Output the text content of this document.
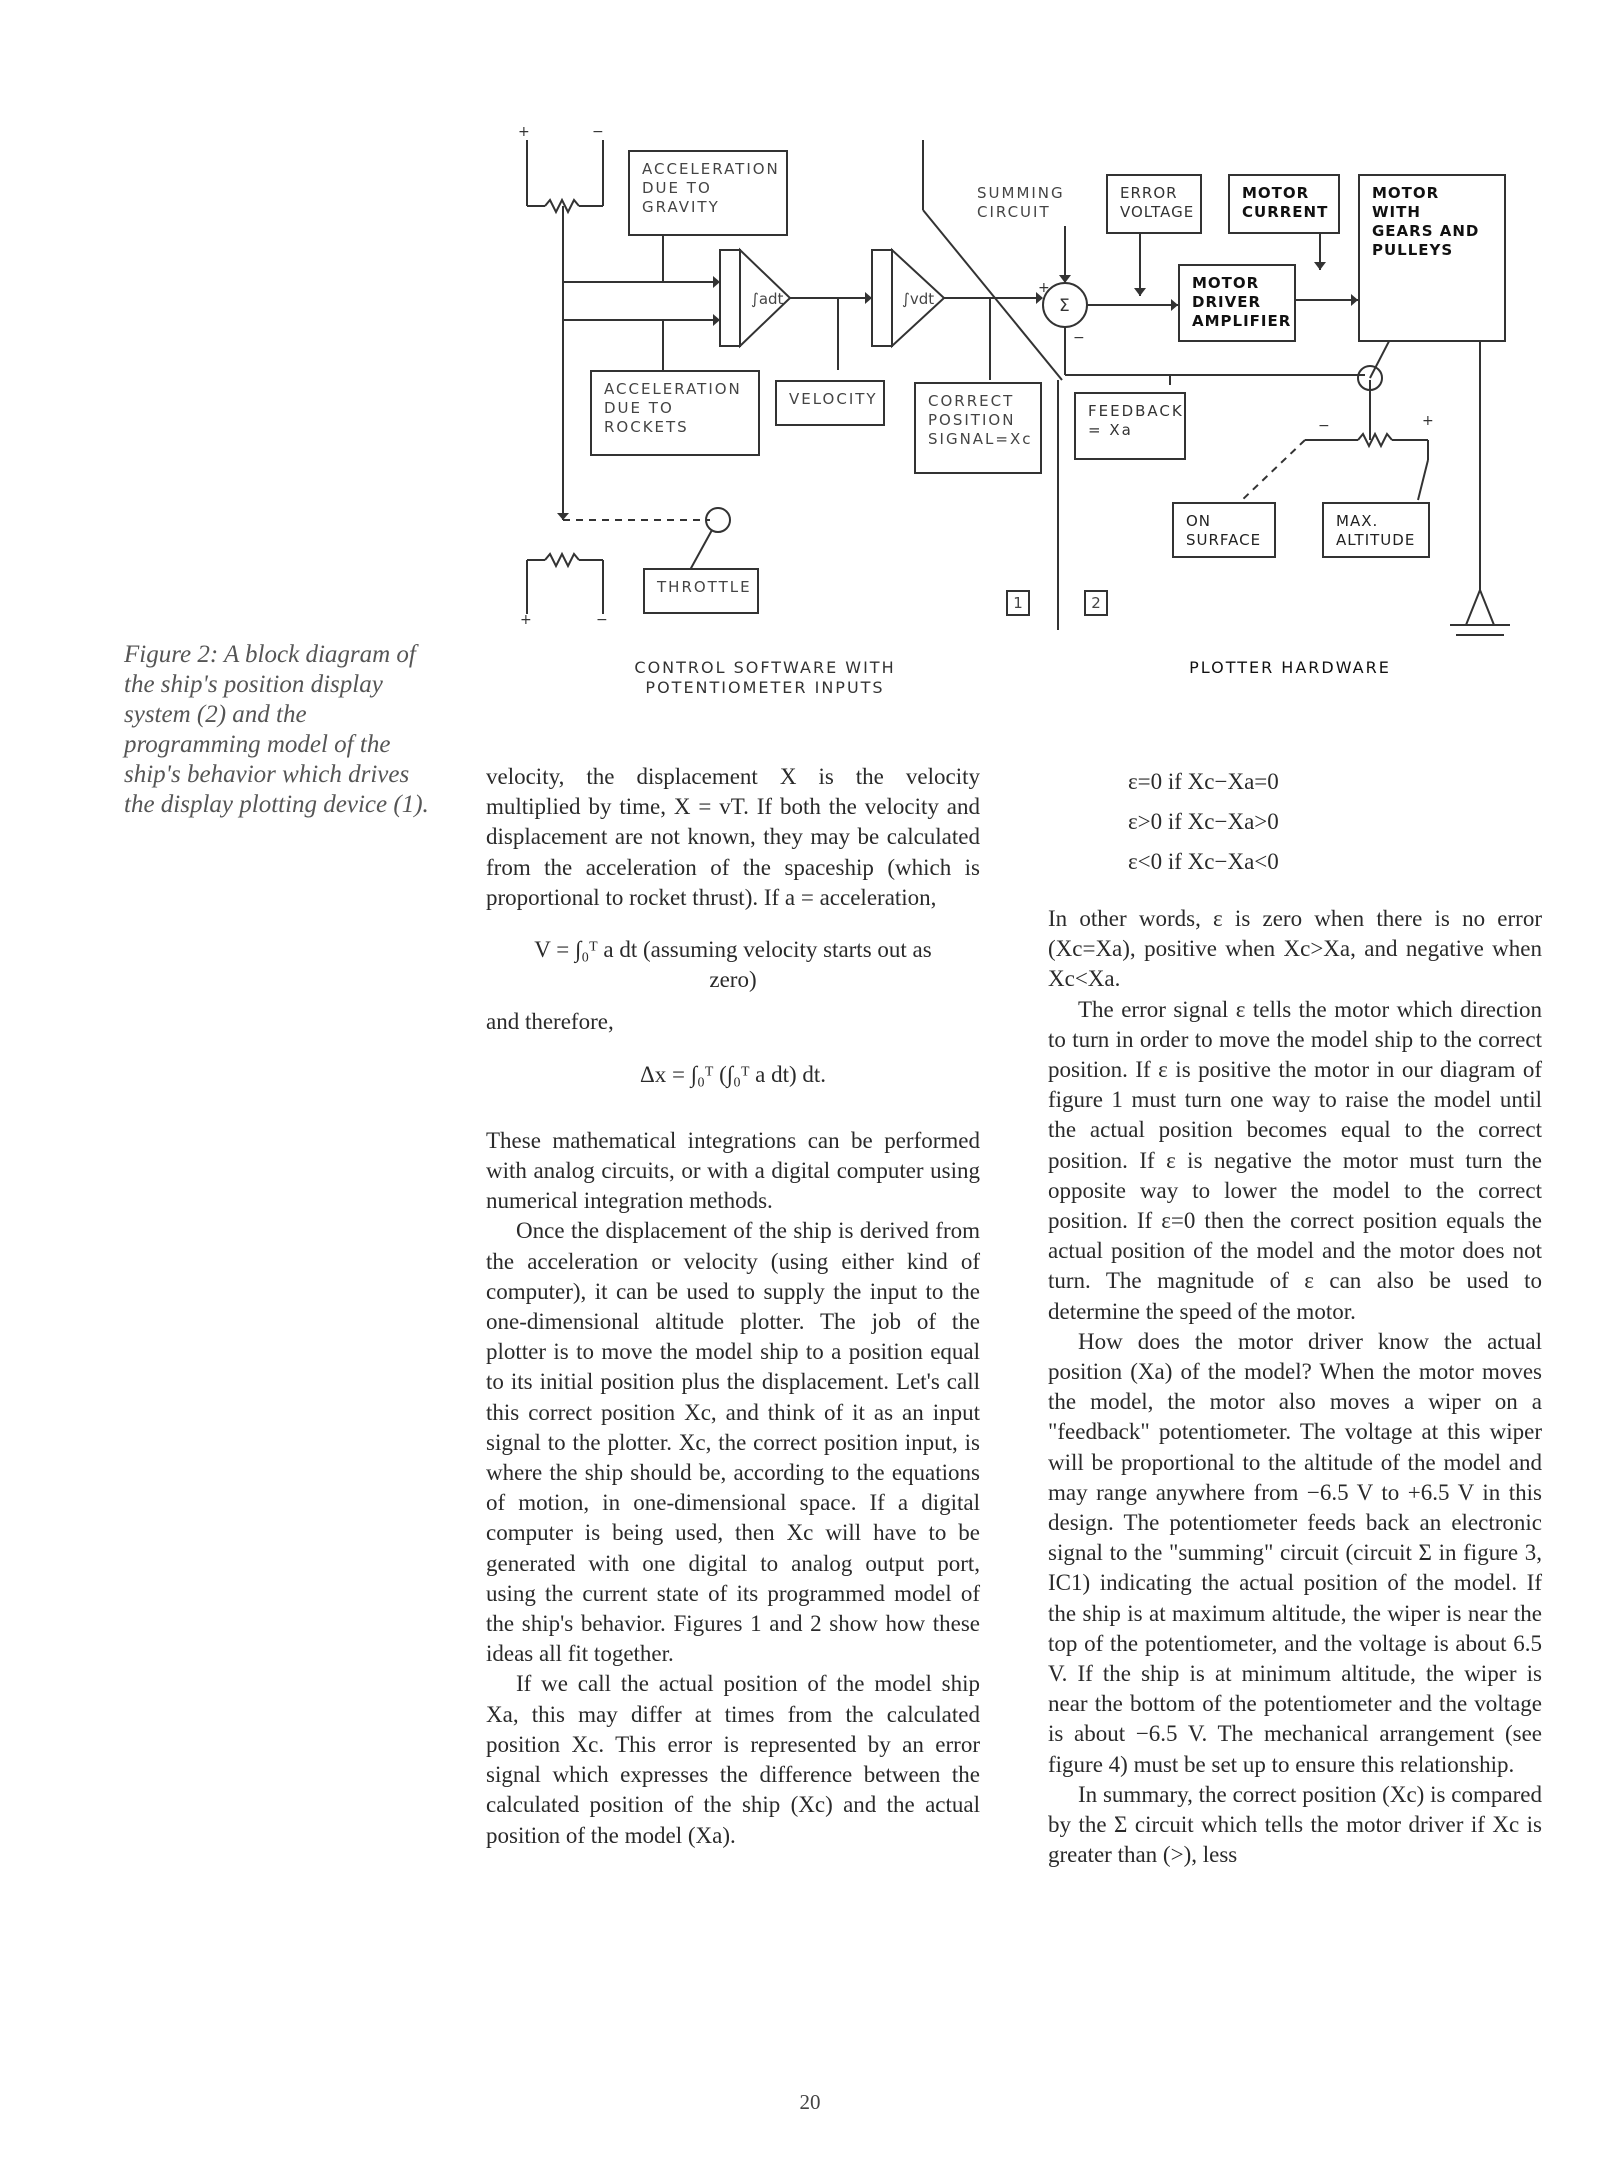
+	−
+
−
−	+
+	−
∫adt	∫vdt	Σ
ACCELERATION
DUE TO
GRAVITY
ACCELERATION
DUE TO
ROCKETS
VELOCITY	CORRECT
POSITION
SIGNAL=Xc
THROTTLE
SUMMING
CIRCUIT
ERROR
VOLTAGE
MOTOR
CURRENT
MOTOR WITH
GEARS AND
PULLEYS
MOTOR
DRIVER
AMPLIFIER
FEEDBACK
= Xa
ON
SURFACE
MAX.
ALTITUDE
1	2
CONTROL SOFTWARE WITH
POTENTIOMETER INPUTS
PLOTTER HARDWARE
Figure 2: A block diagram of the ship's position display system (2) and the programming model of the ship's behavior which drives the display plotting device (1).

velocity, the displacement X is the velocity multiplied by time, X = vT. If both the velocity and displacement are not known, they may be calculated from the acceleration of the spaceship (which is proportional to rocket thrust). If a = acceleration,

V = ∫₀ᵀ a dt (assuming velocity starts out as zero)

and therefore,

Δx = ∫₀ᵀ (∫₀ᵀ a dt) dt.

These mathematical integrations can be performed with analog circuits, or with a digital computer using numerical integration methods.

Once the displacement of the ship is derived from the acceleration or velocity (using either kind of computer), it can be used to supply the input to the one-dimensional altitude plotter. The job of the plotter is to move the model ship to a position equal to its initial position plus the displacement. Let's call this correct position Xc, and think of it as an input signal to the plotter. Xc, the correct position input, is where the ship should be, according to the equations of motion, in one-dimensional space. If a digital computer is being used, then Xc will have to be generated with one digital to analog output port, using the current state of its programmed model of the ship's behavior. Figures 1 and 2 show how these ideas all fit together.

If we call the actual position of the model ship Xa, this may differ at times from the calculated position Xc. This error is represented by an error signal which expresses the difference between the calculated position of the ship (Xc) and the actual position of the model (Xa).

ε=0 if Xc−Xa=0

ε>0 if Xc−Xa>0

ε<0 if Xc−Xa<0

In other words, ε is zero when there is no error (Xc=Xa), positive when Xc>Xa, and negative when Xc<Xa.

The error signal ε tells the motor which direction to turn in order to move the model ship to the correct position. If ε is positive the motor in our diagram of figure 1 must turn one way to raise the model until the actual position becomes equal to the correct position. If ε is negative the motor must turn the opposite way to lower the model to the correct position. If ε=0 then the correct position equals the actual position of the model and the motor does not turn. The magnitude of ε can also be used to determine the speed of the motor.

How does the motor driver know the actual position (Xa) of the model? When the motor moves the model, the motor also moves a wiper on a "feedback" potentiometer. The voltage at this wiper will be proportional to the altitude of the model and may range anywhere from −6.5 V to +6.5 V in this design. The potentiometer feeds back an electronic signal to the "summing" circuit (circuit Σ in figure 3, IC1) indicating the actual position of the model. If the ship is at maximum altitude, the wiper is near the top of the potentiometer, and the voltage is about 6.5 V. If the ship is at minimum altitude, the wiper is near the bottom of the potentiometer and the voltage is about −6.5 V. The mechanical arrangement (see figure 4) must be set up to ensure this relationship.

In summary, the correct position (Xc) is compared by the Σ circuit which tells the motor driver if Xc is greater than (>), less

20
